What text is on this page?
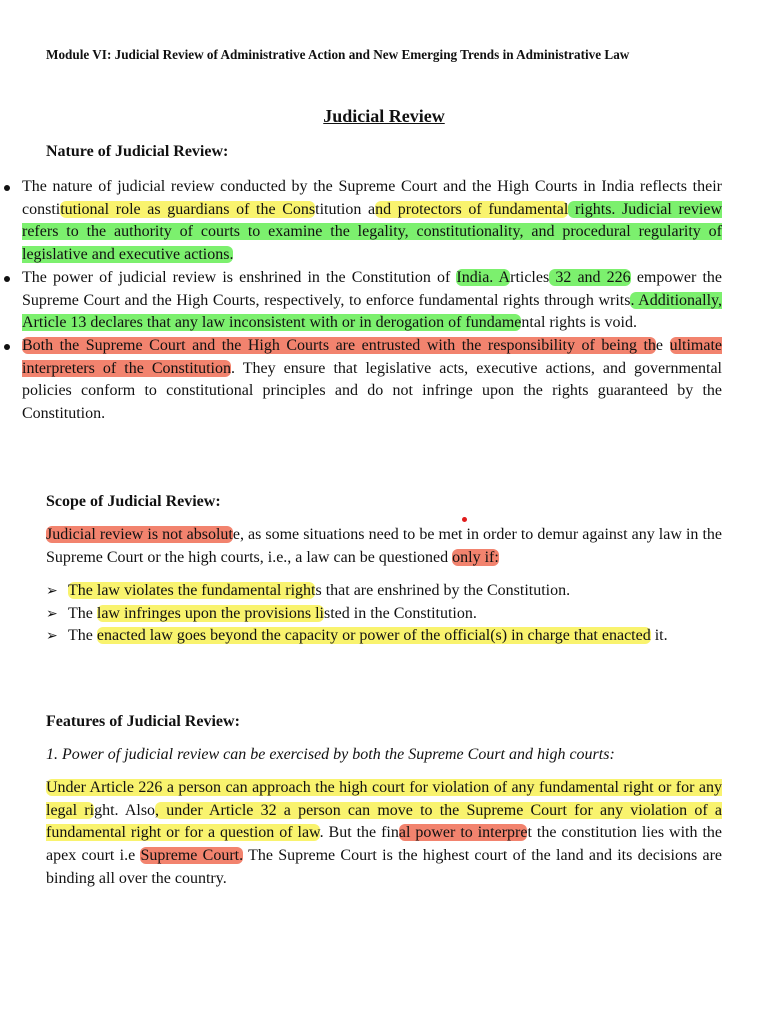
Module VI: Judicial Review of Administrative Action and New Emerging Trends in Administrative Law
Judicial Review
Nature of Judicial Review:
The nature of judicial review conducted by the Supreme Court and the High Courts in India reflects their constitutional role as guardians of the Constitution and protectors of fundamental rights. Judicial review refers to the authority of courts to examine the legality, constitutionality, and procedural regularity of legislative and executive actions.
The power of judicial review is enshrined in the Constitution of India. Articles 32 and 226 empower the Supreme Court and the High Courts, respectively, to enforce fundamental rights through writs. Additionally, Article 13 declares that any law inconsistent with or in derogation of fundamental rights is void.
Both the Supreme Court and the High Courts are entrusted with the responsibility of being the ultimate interpreters of the Constitution. They ensure that legislative acts, executive actions, and governmental policies conform to constitutional principles and do not infringe upon the rights guaranteed by the Constitution.
Scope of Judicial Review:

Judicial review is not absolute, as some situations need to be met in order to demur against any law in the Supreme Court or the high courts, i.e., a law can be questioned only if:

➢ The law violates the fundamental rights that are enshrined by the Constitution.
➢ The law infringes upon the provisions listed in the Constitution.
➢ The enacted law goes beyond the capacity or power of the official(s) in charge that enacted it.
Features of Judicial Review:
1. Power of judicial review can be exercised by both the Supreme Court and high courts:

Under Article 226 a person can approach the high court for violation of any fundamental right or for any legal right. Also, under Article 32 a person can move to the Supreme Court for any violation of a fundamental right or for a question of law. But the final power to interpret the constitution lies with the apex court i.e Supreme Court. The Supreme Court is the highest court of the land and its decisions are binding all over the country.
